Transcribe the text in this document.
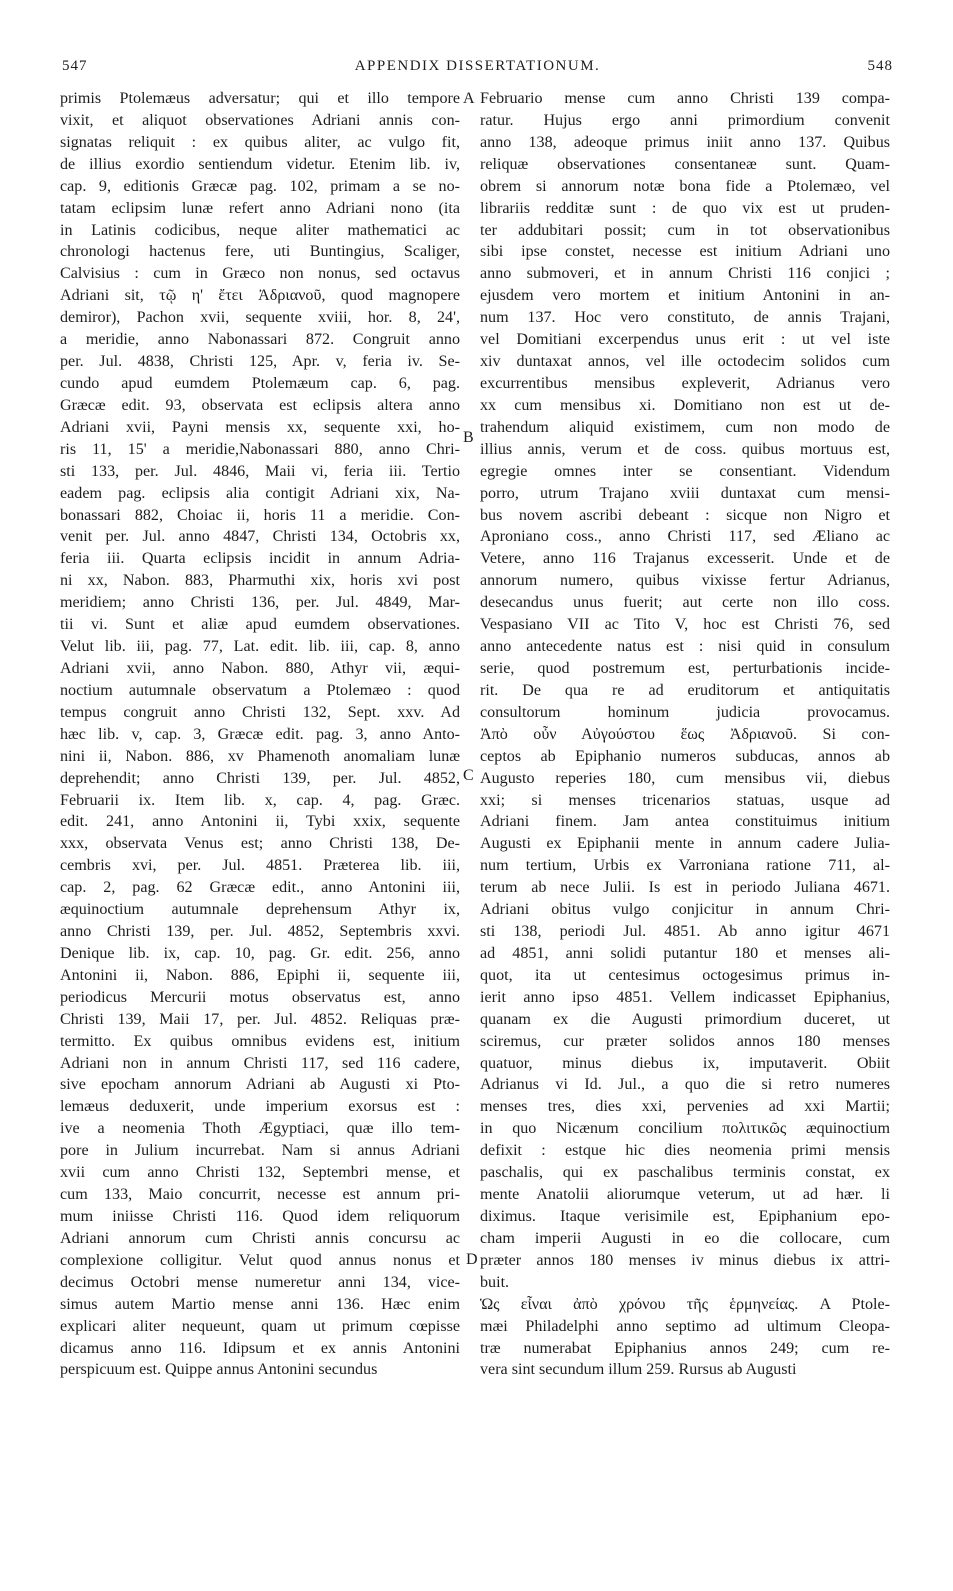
547	APPENDIX DISSERTATIONUM.	548
primis Ptolemæus adversatur; qui et illo tempore
vixit, et aliquot observationes Adriani annis con-
signatas reliquit : ex quibus aliter, ac vulgo fit,
de illius exordio sentiendum videtur. Etenim lib. iv,
cap. 9, editionis Græcæ pag. 102, primam a se no-
tatam eclipsim lunæ refert anno Adriani nono (ita
in Latinis codicibus, neque aliter mathematici ac
chronologi hactenus fere, uti Buntingius, Scaliger,
Calvisius : cum in Græco non nonus, sed octavus
Adriani sit, τῷ η' ἔτει Ἀδριανοῦ, quod magnopere
demiror), Pachon xvii, sequente xviii, hor. 8, 24',
a meridie, anno Nabonassari 872. Congruit anno
per. Jul. 4838, Christi 125, Apr. v, feria iv. Se-
cundo apud eumdem Ptolemæum cap. 6, pag.
Græcæ edit. 93, observata est eclipsis altera anno
Adriani xvii, Payni mensis xx, sequente xxi, ho-
ris 11, 15' a meridie,Nabonassari 880, anno Chri-
sti 133, per. Jul. 4846, Maii vi, feria iii. Tertio
eadem pag. eclipsis alia contigit Adriani xix, Na-
bonassari 882, Choiac ii, horis 11 a meridie. Con-
venit per. Jul. anno 4847, Christi 134, Octobris xx,
feria iii. Quarta eclipsis incidit in annum Adria-
ni xx, Nabon. 883, Pharmuthi xix, horis xvi post
meridiem; anno Christi 136, per. Jul. 4849, Mar-
tii vi. Sunt et aliæ apud eumdem observationes.
Velut lib. iii, pag. 77, Lat. edit. lib. iii, cap. 8, anno
Adriani xvii, anno Nabon. 880, Athyr vii, æqui-
noctium autumnale observatum a Ptolemæo : quod
tempus congruit anno Christi 132, Sept. xxv. Ad
hæc lib. v, cap. 3, Græcæ edit. pag. 3, anno Anto-
nini ii, Nabon. 886, xv Phamenoth anomaliam lunæ
deprehendit; anno Christi 139, per. Jul. 4852,
Februarii ix. Item lib. x, cap. 4, pag. Græc.
edit. 241, anno Antonini ii, Tybi xxix, sequente
xxx, observata Venus est; anno Christi 138, De-
cembris xvi, per. Jul. 4851. Præterea lib. iii,
cap. 2, pag. 62 Græcæ edit., anno Antonini iii,
æquinoctium autumnale deprehensum Athyr ix,
anno Christi 139, per. Jul. 4852, Septembris xxvi.
Denique lib. ix, cap. 10, pag. Gr. edit. 256, anno
Antonini ii, Nabon. 886, Epiphi ii, sequente iii,
periodicus Mercurii motus observatus est, anno
Christi 139, Maii 17, per. Jul. 4852. Reliquas præ-
termitto. Ex quibus omnibus evidens est, initium
Adriani non in annum Christi 117, sed 116 cadere,
sive epocham annorum Adriani ab Augusti xi Pto-
lemæus deduxerit, unde imperium exorsus est :
ive a neomenia Thoth Ægyptiaci, quæ illo tem-
pore in Julium incurrebat. Nam si annus Adriani
xvii cum anno Christi 132, Septembri mense, et
cum 133, Maio concurrit, necesse est annum pri-
mum iniisse Christi 116. Quod idem reliquorum
Adriani annorum cum Christi annis concursu ac
complexione colligitur. Velut quod annus nonus et
decimus Octobri mense numeretur anni 134, vice-
simus autem Martio mense anni 136. Hæc enim
explicari aliter nequeunt, quam ut primum cœpisse
dicamus anno 116. Idipsum et ex annis Antonini
perspicuum est. Quippe annus Antonini secundus
Februario mense cum anno Christi 139 compa-
ratur. Hujus ergo anni primordium convenit
anno 138, adeoque primus iniit anno 137. Quibus
reliquæ observationes consentaneæ sunt. Quam-
obrem si annorum notæ bona fide a Ptolemæo, vel
librariis redditæ sunt : de quo vix est ut pruden-
ter addubitari possit; cum in tot observationibus
sibi ipse constet, necesse est initium Adriani uno
anno submoveri, et in annum Christi 116 conjici ;
ejusdem vero mortem et initium Antonini in an-
num 137. Hoc vero constituto, de annis Trajani,
vel Domitiani excerpendus unus erit : ut vel iste
xiv duntaxat annos, vel ille octodecim solidos cum
excurrentibus mensibus expleverit, Adrianus vero
xx cum mensibus xi. Domitiano non est ut de-
trahendum aliquid existimem, cum non modo de
illius annis, verum et de coss. quibus mortuus est,
egregie omnes inter se consentiant. Videndum
porro, utrum Trajano xviii duntaxat cum mensi-
bus novem ascribi debeant : sicque non Nigro et
Aproniano coss., anno Christi 117, sed Æliano ac
Vetere, anno 116 Trajanus excesserit. Unde et de
annorum numero, quibus vixisse fertur Adrianus,
desecandus unus fuerit; aut certe non illo coss.
Vespasiano VII ac Tito V, hoc est Christi 76, sed
anno antecedente natus est : nisi quid in consulum
serie, quod postremum est, perturbationis incide-
rit. De qua re ad eruditorum et antiquitatis
consultorum hominum judicia provocamus.
Ἀπὸ οὖν Αὐγούστου ἕως Ἀδριανοῦ. Si con-
ceptos ab Epiphanio numeros subducas, annos ab
Augusto reperies 180, cum mensibus vii, diebus
xxi; si menses tricenarios statuas, usque ad
Adriani finem. Jam antea constituimus initium
Augusti ex Epiphanii mente in annum cadere Julia-
num tertium, Urbis ex Varroniana ratione 711, al-
terum ab nece Julii. Is est in periodo Juliana 4671.
Adriani obitus vulgo conjicitur in annum Chri-
sti 138, periodi Jul. 4851. Ab anno igitur 4671
ad 4851, anni solidi putantur 180 et menses ali-
quot, ita ut centesimus octogesimus primus in-
ierit anno ipso 4851. Vellem indicasset Epiphanius,
quanam ex die Augusti primordium duceret, ut
sciremus, cur præter solidos annos 180 menses
quatuor, minus diebus ix, imputaverit. Obiit
Adrianus vi Id. Jul., a quo die si retro numeres
menses tres, dies xxi, pervenies ad xxi Martii;
in quo Nicænum concilium πολιτικῶς æquinoctium
defixit : estque hic dies neomenia primi mensis
paschalis, qui ex paschalibus terminis constat, ex
mente Anatolii aliorumque veterum, ut ad hær. li
diximus. Itaque verisimile est, Epiphanium epo-
cham imperii Augusti in eo die collocare, cum
præter annos 180 menses iv minus diebus ix attri-
buit.
Ὡς εἶναι ἀπὸ χρόνου τῆς ἑρμηνείας. A Ptole-
mæi Philadelphi anno septimo ad ultimum Cleopa-
træ numerabat Epiphanius annos 249; cum re-
vera sint secundum illum 259. Rursus ab Augusti
A
B
C
D
